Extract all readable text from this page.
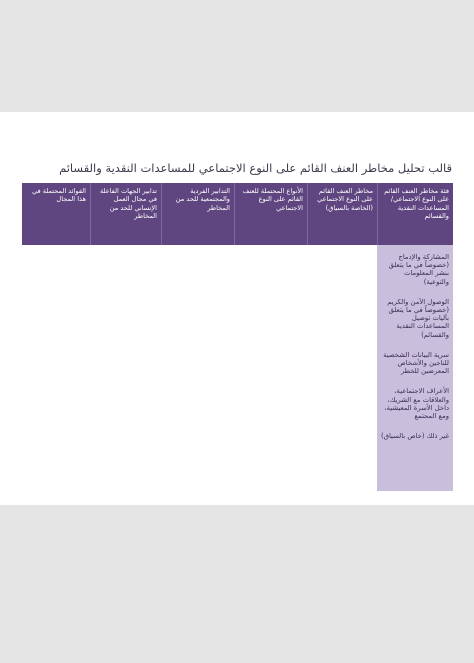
قالب تحليل مخاطر العنف القائم على النوع الاجتماعي للمساعدات النقدية والقسائم
فئة مخاطر العنف القائم على النوع الاجتماعي/ المساعدات النقدية والقسائم
مخاطر العنف القائم على النوع الاجتماعي (الخاصة بالسياق)
الأنواع المحتملة للعنف القائم على النوع الاجتماعي
التدابير الفردية والمجتمعية للحد من المخاطر
تدابير الجهات الفاعلة في مجال العمل الإنساني للحد من المخاطر
الفوائد المحتملة في هذا المجال
المشاركة والإدماج (خصوصاً في ما يتعلق بنشر المعلومات والتوعية)
الوصول الآمن والكريم (خصوصاً في ما يتعلق بآليات توصيل المساعدات النقدية والقسائم)
سرية البيانات الشخصية للناجين والأشخاص المعرضين للخطر
الأعراف الاجتماعية، والعلاقات مع الشريك، داخل الأسرة المعيشية، ومع المجتمع
غير ذلك (خاص بالسياق)
